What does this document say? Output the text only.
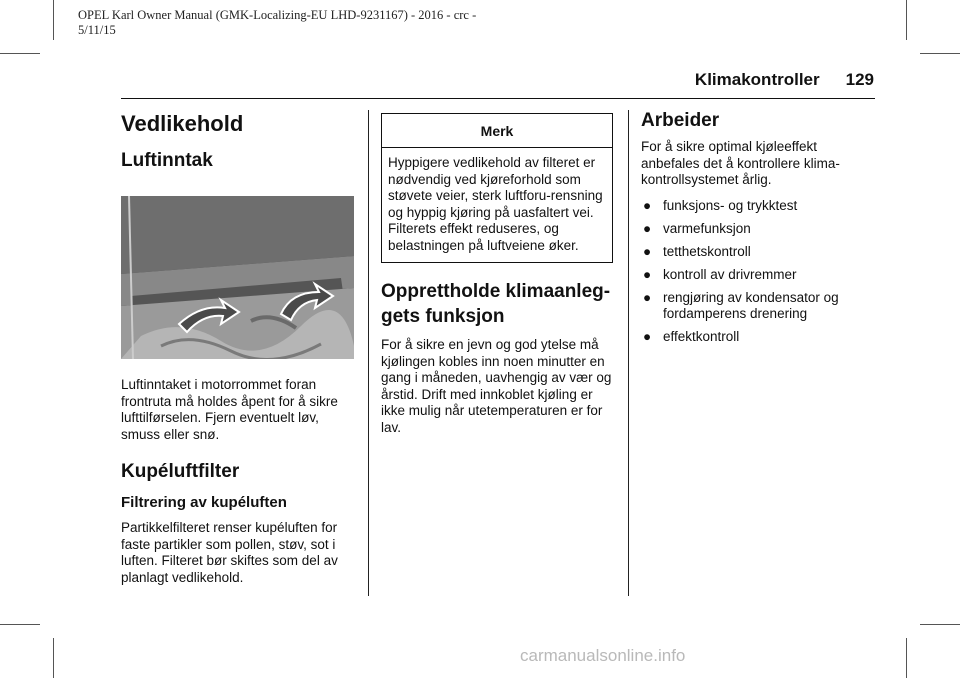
OPEL Karl Owner Manual (GMK-Localizing-EU LHD-9231167) - 2016 - crc -
5/11/15
Klimakontroller 129
Vedlikehold
Luftinntak

Luftinntaket i motorrommet foran frontruta må holdes åpent for å sikre lufttilførselen. Fjern eventuelt løv, smuss eller snø.

Kupéluftfilter
Filtrering av kupéluften

Partikkelfilteret renser kupéluften for faste partikler som pollen, støv, sot i luften. Filteret bør skiftes som del av planlagt vedlikehold.

Merk
Hyppigere vedlikehold av filteret er nødvendig ved kjøreforhold som støvete veier, sterk luftforu-rensning og hyppig kjøring på uasfaltert vei. Filterets effekt reduseres, og belastningen på luftveiene øker.
Opprettholde klimaanleg-
gets funksjon

For å sikre en jevn og god ytelse må kjølingen kobles inn noen minutter en gang i måneden, uavhengig av vær og årstid. Drift med innkoblet kjøling er ikke mulig når utetemperaturen er for lav.

Arbeider

For å sikre optimal kjøleeffekt anbefales det å kontrollere klima-kontrollsystemet årlig.

● funksjons- og trykktest
● varmefunksjon
● tetthetskontroll
● kontroll av drivremmer
● rengjøring av kondensator og fordamperens drenering
● effektkontroll
carmanualsonline.info
